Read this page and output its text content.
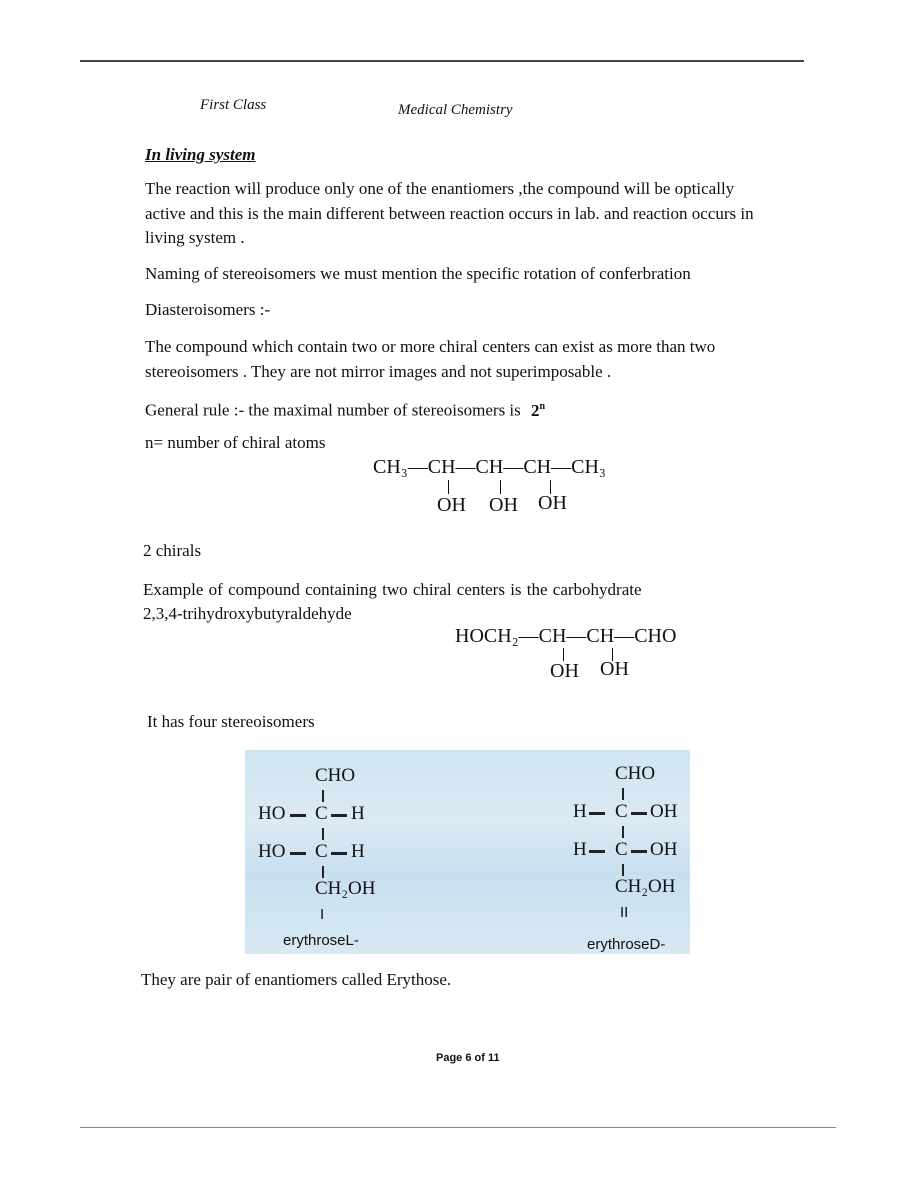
First Class	Medical Chemistry
In living system
The reaction will produce only one of the enantiomers ,the compound will be optically
active and this is the main different between reaction occurs in lab. and reaction occurs in
living system .
Naming of stereoisomers we must mention the specific rotation of conferbration
Diasteroisomers :-
The compound which contain two or more chiral centers can exist as more than two
stereoisomers . They are not mirror images and not superimposable .
General rule :- the maximal number of stereoisomers is 2$^n$
n= number of chiral atoms
CH₃—CH—CH—CH—CH₃
OH OH OH
2 chirals
Example of compound containing two chiral centers is the carbohydrate
2,3,4-trihydroxybutyraldehyde
HOCH₂—CH—CH—CHO
OH OH
It has four stereoisomers
CHO
HO C H
HO C H
CH₂OH
I
erythroseL-
CHO
H C OH
H C OH
CH₂OH
II
erythroseD-
They are pair of enantiomers called Erythose.
Page 6 of 11
